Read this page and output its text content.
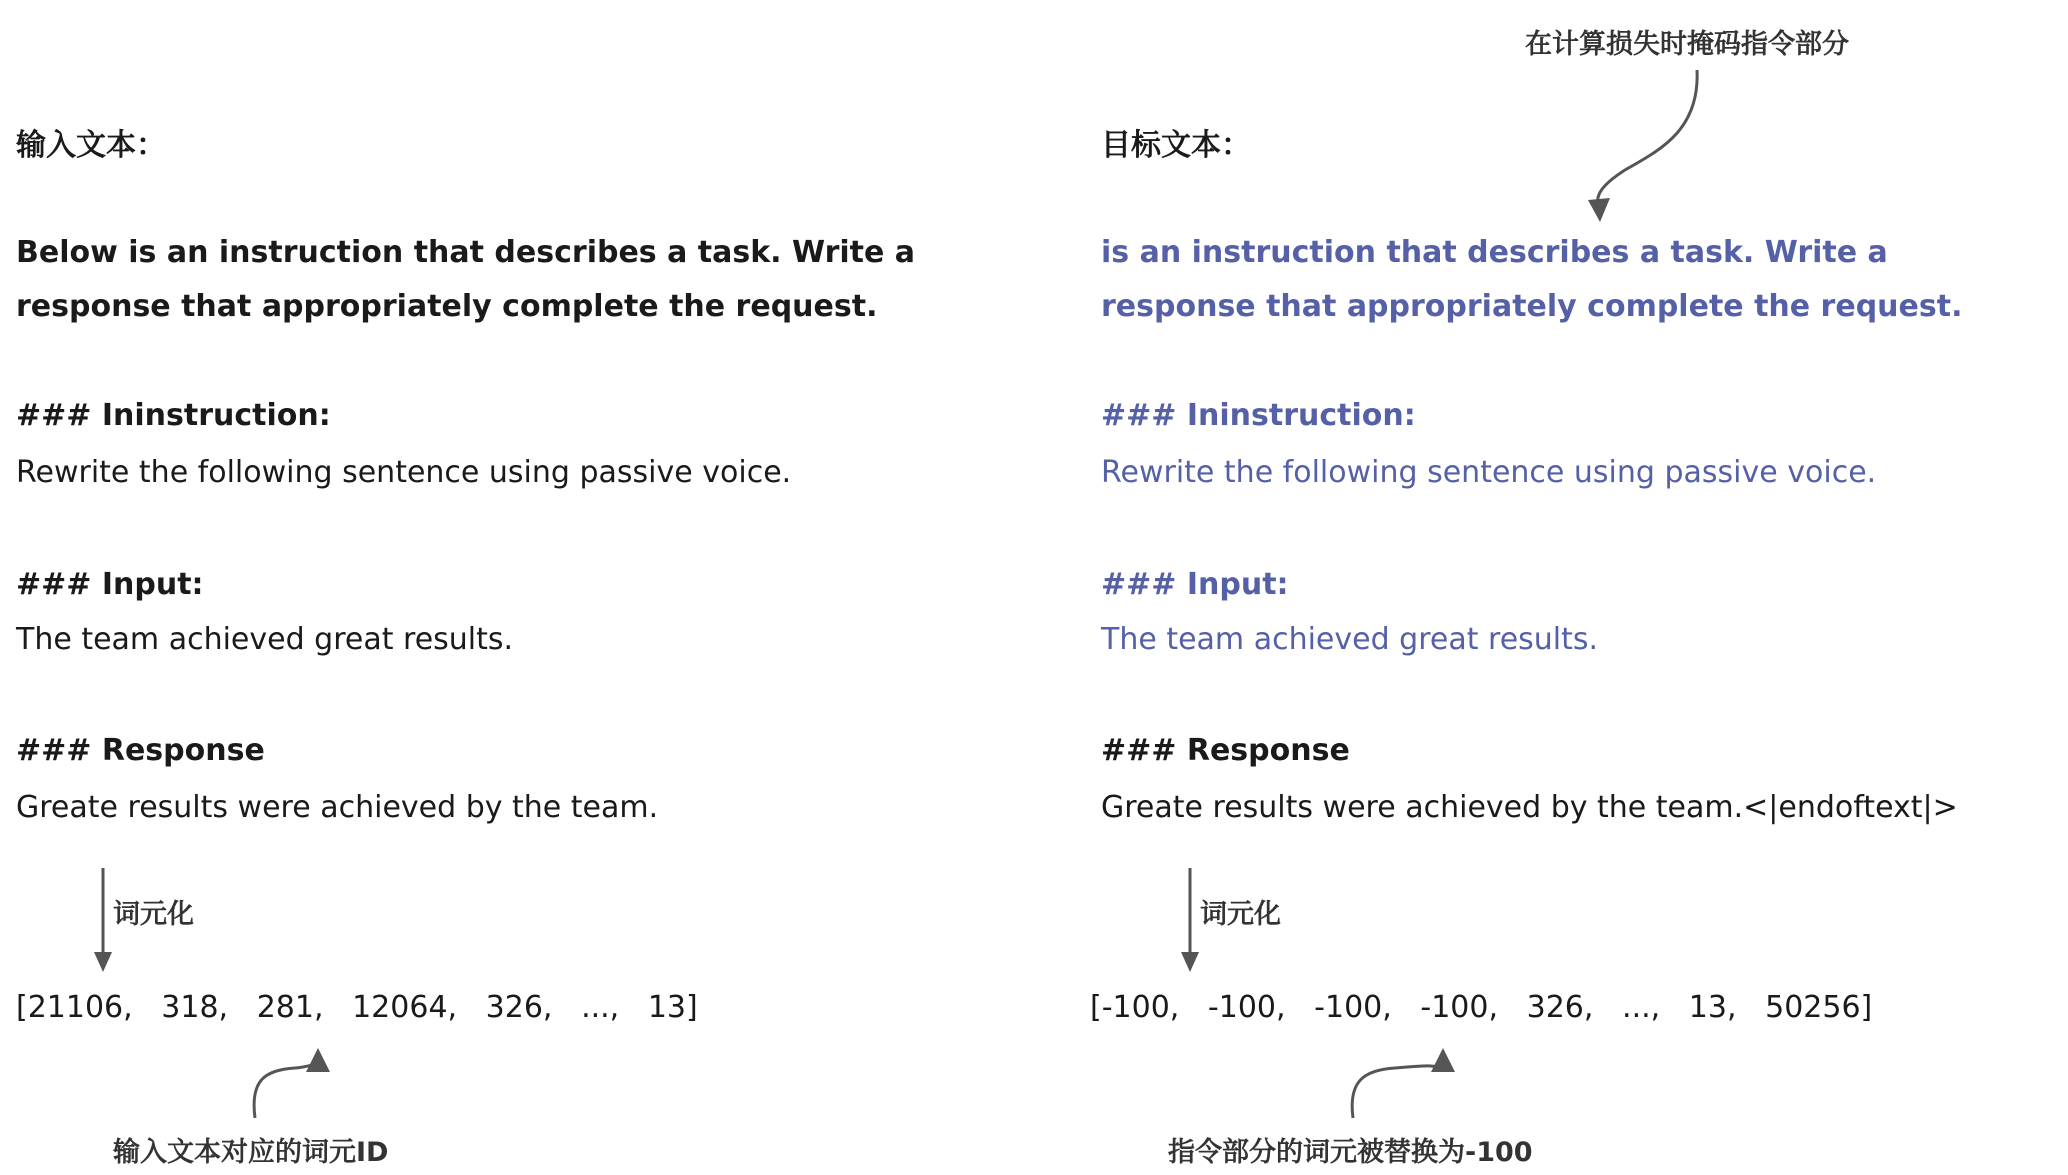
输入文本：
Below is an instruction that describes a task. Write a response that appropriately complete the request.
### Ininstruction:
Rewrite the following sentence using passive voice.
### Input:
The team achieved great results.
### Response
Greate results were achieved by the team.
词元化
[21106,   318,   281,   12064,   326,   ...,   13]
输入文本对应的词元ID
在计算损失时掩码指令部分
目标文本：
is an instruction that describes a task. Write a response that appropriately complete the request.
### Ininstruction:
Rewrite the following sentence using passive voice.
### Input:
The team achieved great results.
### Response
Greate results were achieved by the team.<|endoftext|>
词元化
[-100,   -100,   -100,   -100,   326,   ...,   13,   50256]
指令部分的词元被替换为-100
